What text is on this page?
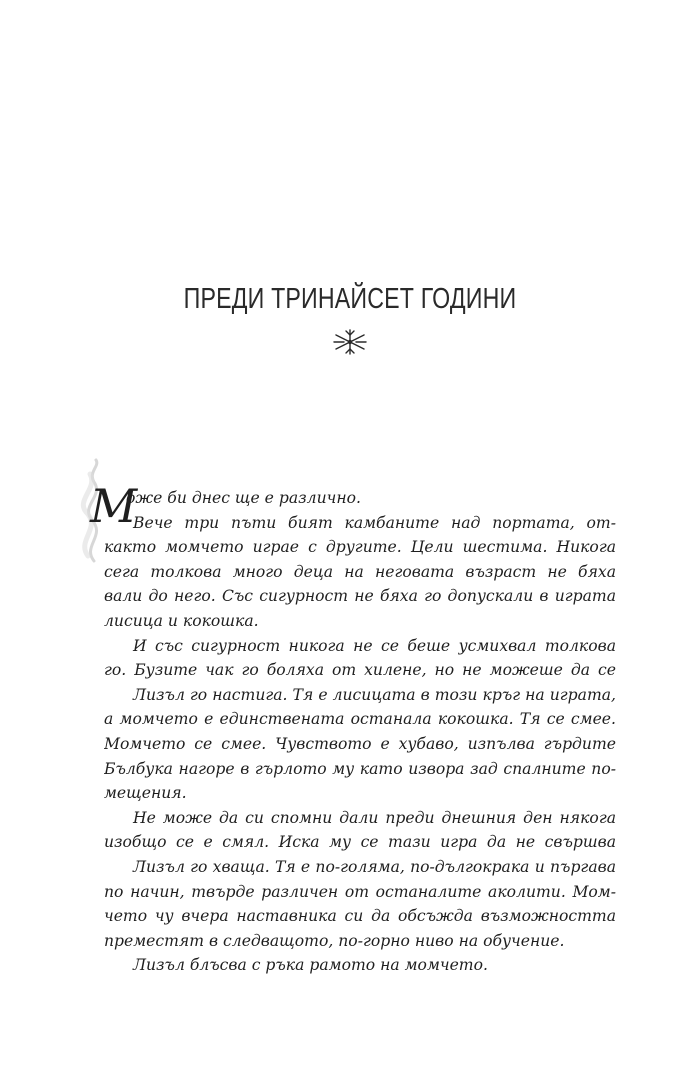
ПРЕДИ ТРИНАЙСЕТ ГОДИНИ
М
оже би днес ще е различно.
Вече три пъти бият камбаните над портата, от-
както момчето играе с другите. Цели шестима. Никога
сега толкова много деца на неговата възраст не бяха
вали до него. Със сигурност не бяха го допускали в играта
лисица и кокошка.
И със сигурност никога не се беше усмихвал толкова
го. Бузите чак го боляха от хилене, но не можеше да се
Лизъл го настига. Тя е лисицата в този кръг на играта,
а момчето е единствената останала кокошка. Тя се смее.
Момчето се смее. Чувството е хубаво, изпълва гърдите
Бълбука нагоре в гърлото му като извора зад спалните по-
мещения.
Не може да си спомни дали преди днешния ден някога
изобщо се е смял. Иска му се тази игра да не свършва
Лизъл го хваща. Тя е по-голяма, по-дългокрака и пъргава
по начин, твърде различен от останалите аколити. Мом-
чето чу вчера наставника си да обсъжда възможността
преместят в следващото, по-горно ниво на обучение.
Лизъл блъсва с ръка рамото на момчето.
